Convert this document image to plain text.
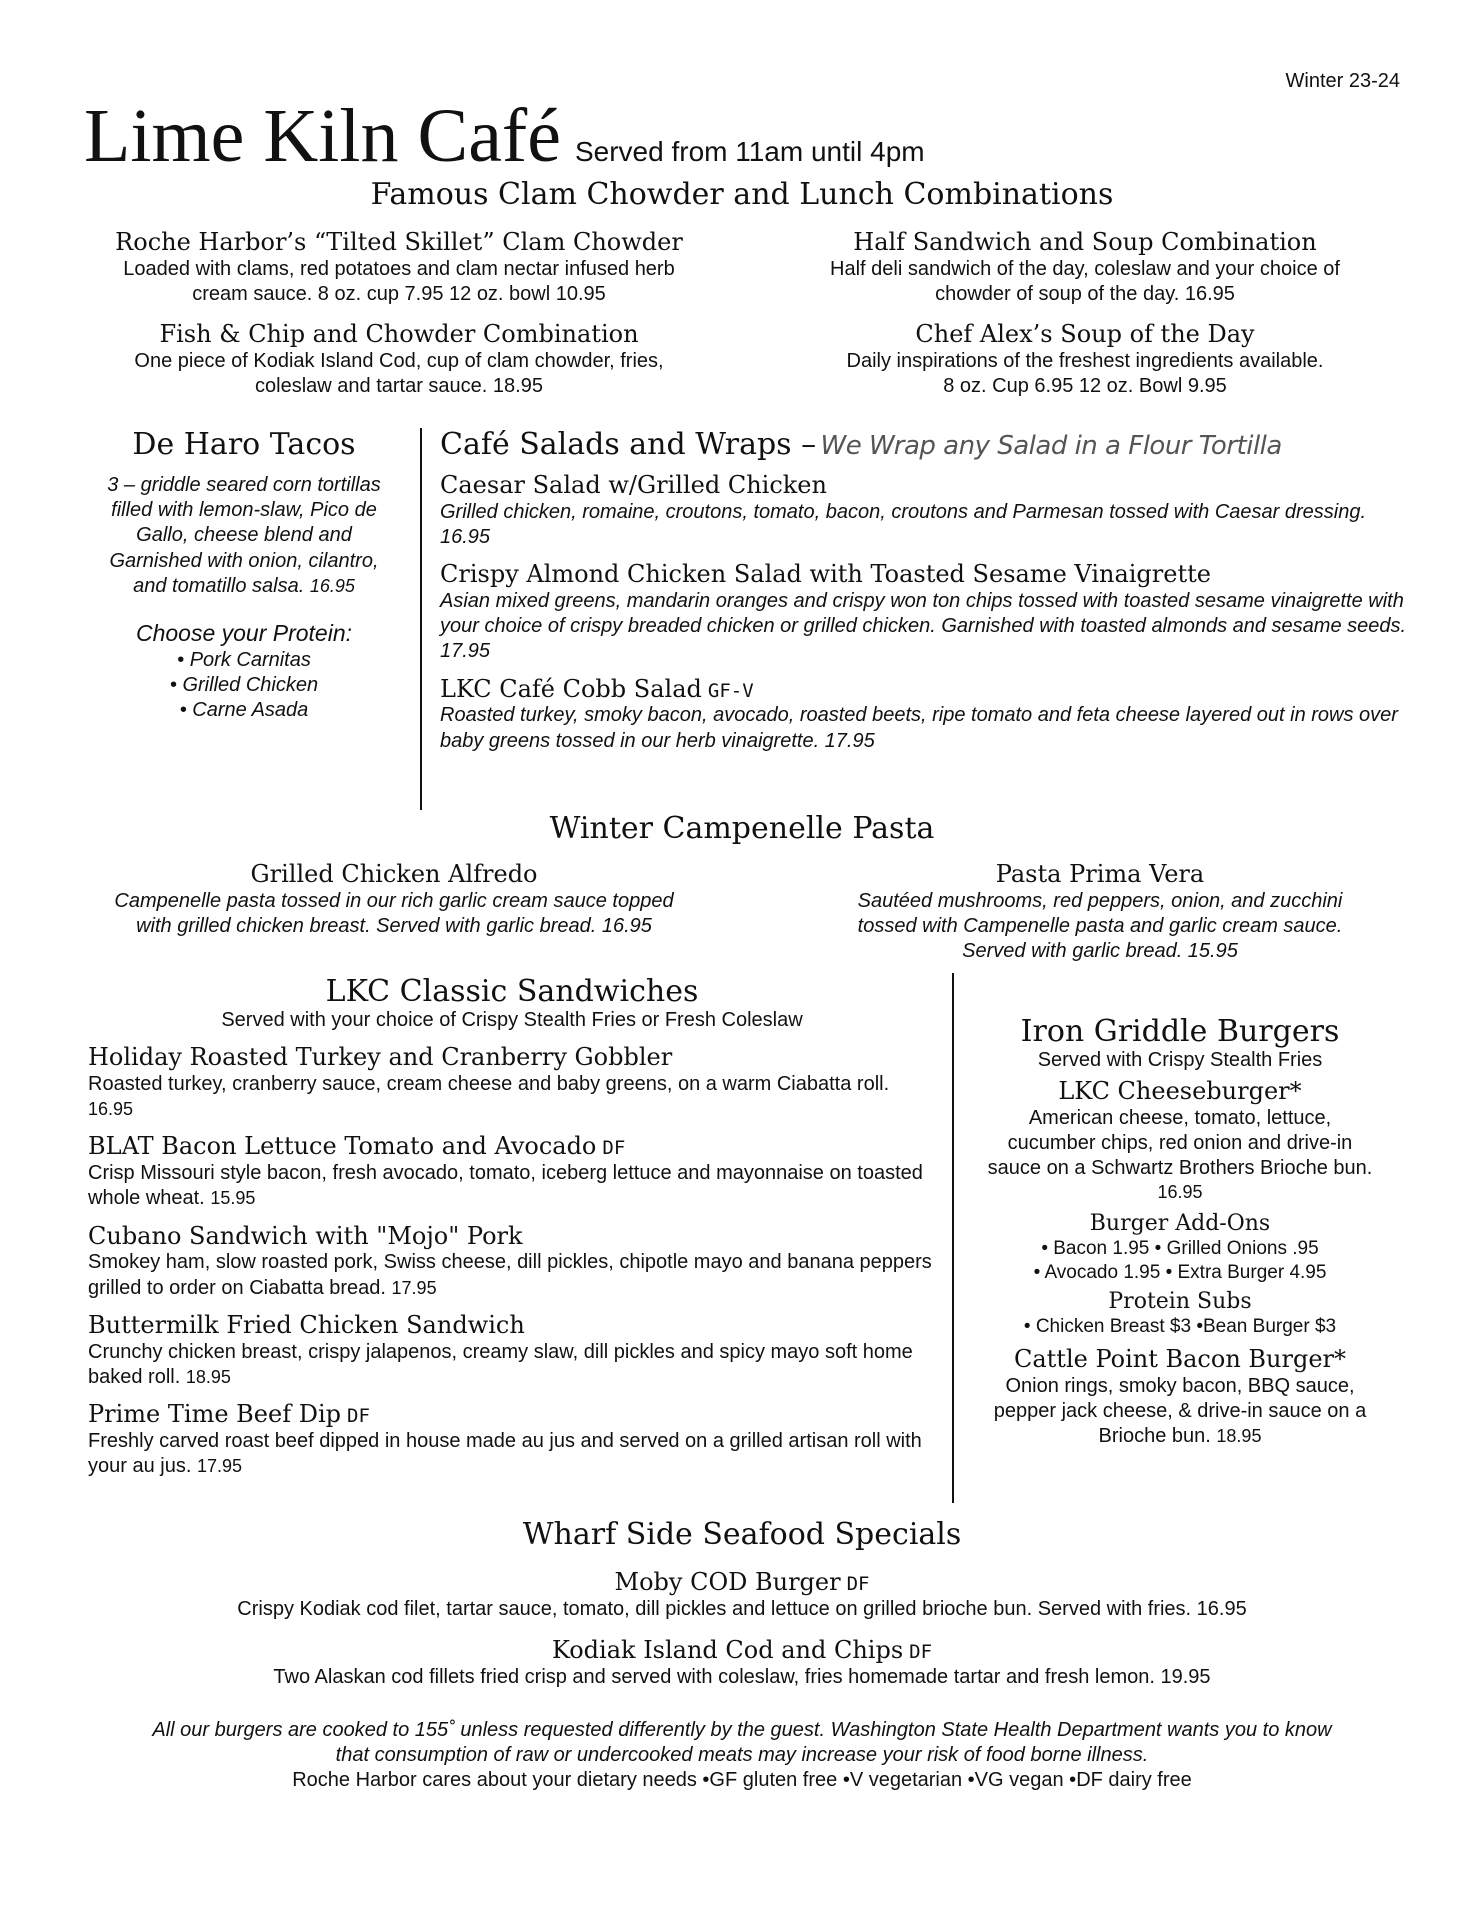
Winter 23-24
Lime Kiln Café Served from 11am until 4pm
Famous Clam Chowder and Lunch Combinations
Roche Harbor’s “Tilted Skillet” Clam Chowder
Loaded with clams, red potatoes and clam nectar infused herb
cream sauce. 8 oz. cup 7.95 12 oz. bowl 10.95
Half Sandwich and Soup Combination
Half deli sandwich of the day, coleslaw and your choice of
chowder of soup of the day. 16.95
Fish & Chip and Chowder Combination
One piece of Kodiak Island Cod, cup of clam chowder, fries,
coleslaw and tartar sauce. 18.95
Chef Alex’s Soup of the Day
Daily inspirations of the freshest ingredients available.
8 oz. Cup 6.95 12 oz. Bowl 9.95
De Haro Tacos
3 – griddle seared corn tortillas
filled with lemon-slaw, Pico de
Gallo, cheese blend and
Garnished with onion, cilantro,
and tomatillo salsa. 16.95
Choose your Protein:
• Pork Carnitas
• Grilled Chicken
• Carne Asada
Café Salads and Wraps – We Wrap any Salad in a Flour Tortilla
Caesar Salad w/Grilled Chicken
Grilled chicken, romaine, croutons, tomato, bacon, croutons and Parmesan tossed with Caesar dressing. 16.95
Crispy Almond Chicken Salad with Toasted Sesame Vinaigrette
Asian mixed greens, mandarin oranges and crispy won ton chips tossed with toasted sesame vinaigrette with your choice of crispy breaded chicken or grilled chicken. Garnished with toasted almonds and sesame seeds. 17.95
LKC Café Cobb Salad GF-V
Roasted turkey, smoky bacon, avocado, roasted beets, ripe tomato and feta cheese layered out in rows over baby greens tossed in our herb vinaigrette. 17.95
Winter Campenelle Pasta
Grilled Chicken Alfredo
Campenelle pasta tossed in our rich garlic cream sauce topped
with grilled chicken breast. Served with garlic bread. 16.95
Pasta Prima Vera
Sautéed mushrooms, red peppers, onion, and zucchini
tossed with Campenelle pasta and garlic cream sauce.
Served with garlic bread. 15.95
LKC Classic Sandwiches
Served with your choice of Crispy Stealth Fries or Fresh Coleslaw
Holiday Roasted Turkey and Cranberry Gobbler
Roasted turkey, cranberry sauce, cream cheese and baby greens, on a warm Ciabatta roll. 16.95
BLAT Bacon Lettuce Tomato and Avocado DF
Crisp Missouri style bacon, fresh avocado, tomato, iceberg lettuce and mayonnaise on toasted whole wheat. 15.95
Cubano Sandwich with "Mojo" Pork
Smokey ham, slow roasted pork, Swiss cheese, dill pickles, chipotle mayo and banana peppers grilled to order on Ciabatta bread. 17.95
Buttermilk Fried Chicken Sandwich
Crunchy chicken breast, crispy jalapenos, creamy slaw, dill pickles and spicy mayo soft home baked roll. 18.95
Prime Time Beef Dip DF
Freshly carved roast beef dipped in house made au jus and served on a grilled artisan roll with your au jus. 17.95
Iron Griddle Burgers
Served with Crispy Stealth Fries
LKC Cheeseburger*
American cheese, tomato, lettuce,
cucumber chips, red onion and drive-in
sauce on a Schwartz Brothers Brioche bun.
16.95
Burger Add-Ons
• Bacon 1.95 • Grilled Onions .95
• Avocado 1.95 • Extra Burger 4.95
Protein Subs
• Chicken Breast $3 •Bean Burger $3
Cattle Point Bacon Burger*
Onion rings, smoky bacon, BBQ sauce,
pepper jack cheese, & drive-in sauce on a
Brioche bun. 18.95
Wharf Side Seafood Specials
Moby COD Burger DF
Crispy Kodiak cod filet, tartar sauce, tomato, dill pickles and lettuce on grilled brioche bun. Served with fries. 16.95
Kodiak Island Cod and Chips DF
Two Alaskan cod fillets fried crisp and served with coleslaw, fries homemade tartar and fresh lemon. 19.95
All our burgers are cooked to 155˚ unless requested differently by the guest. Washington State Health Department wants you to know
that consumption of raw or undercooked meats may increase your risk of food borne illness.
Roche Harbor cares about your dietary needs •GF gluten free •V vegetarian •VG vegan •DF dairy free
